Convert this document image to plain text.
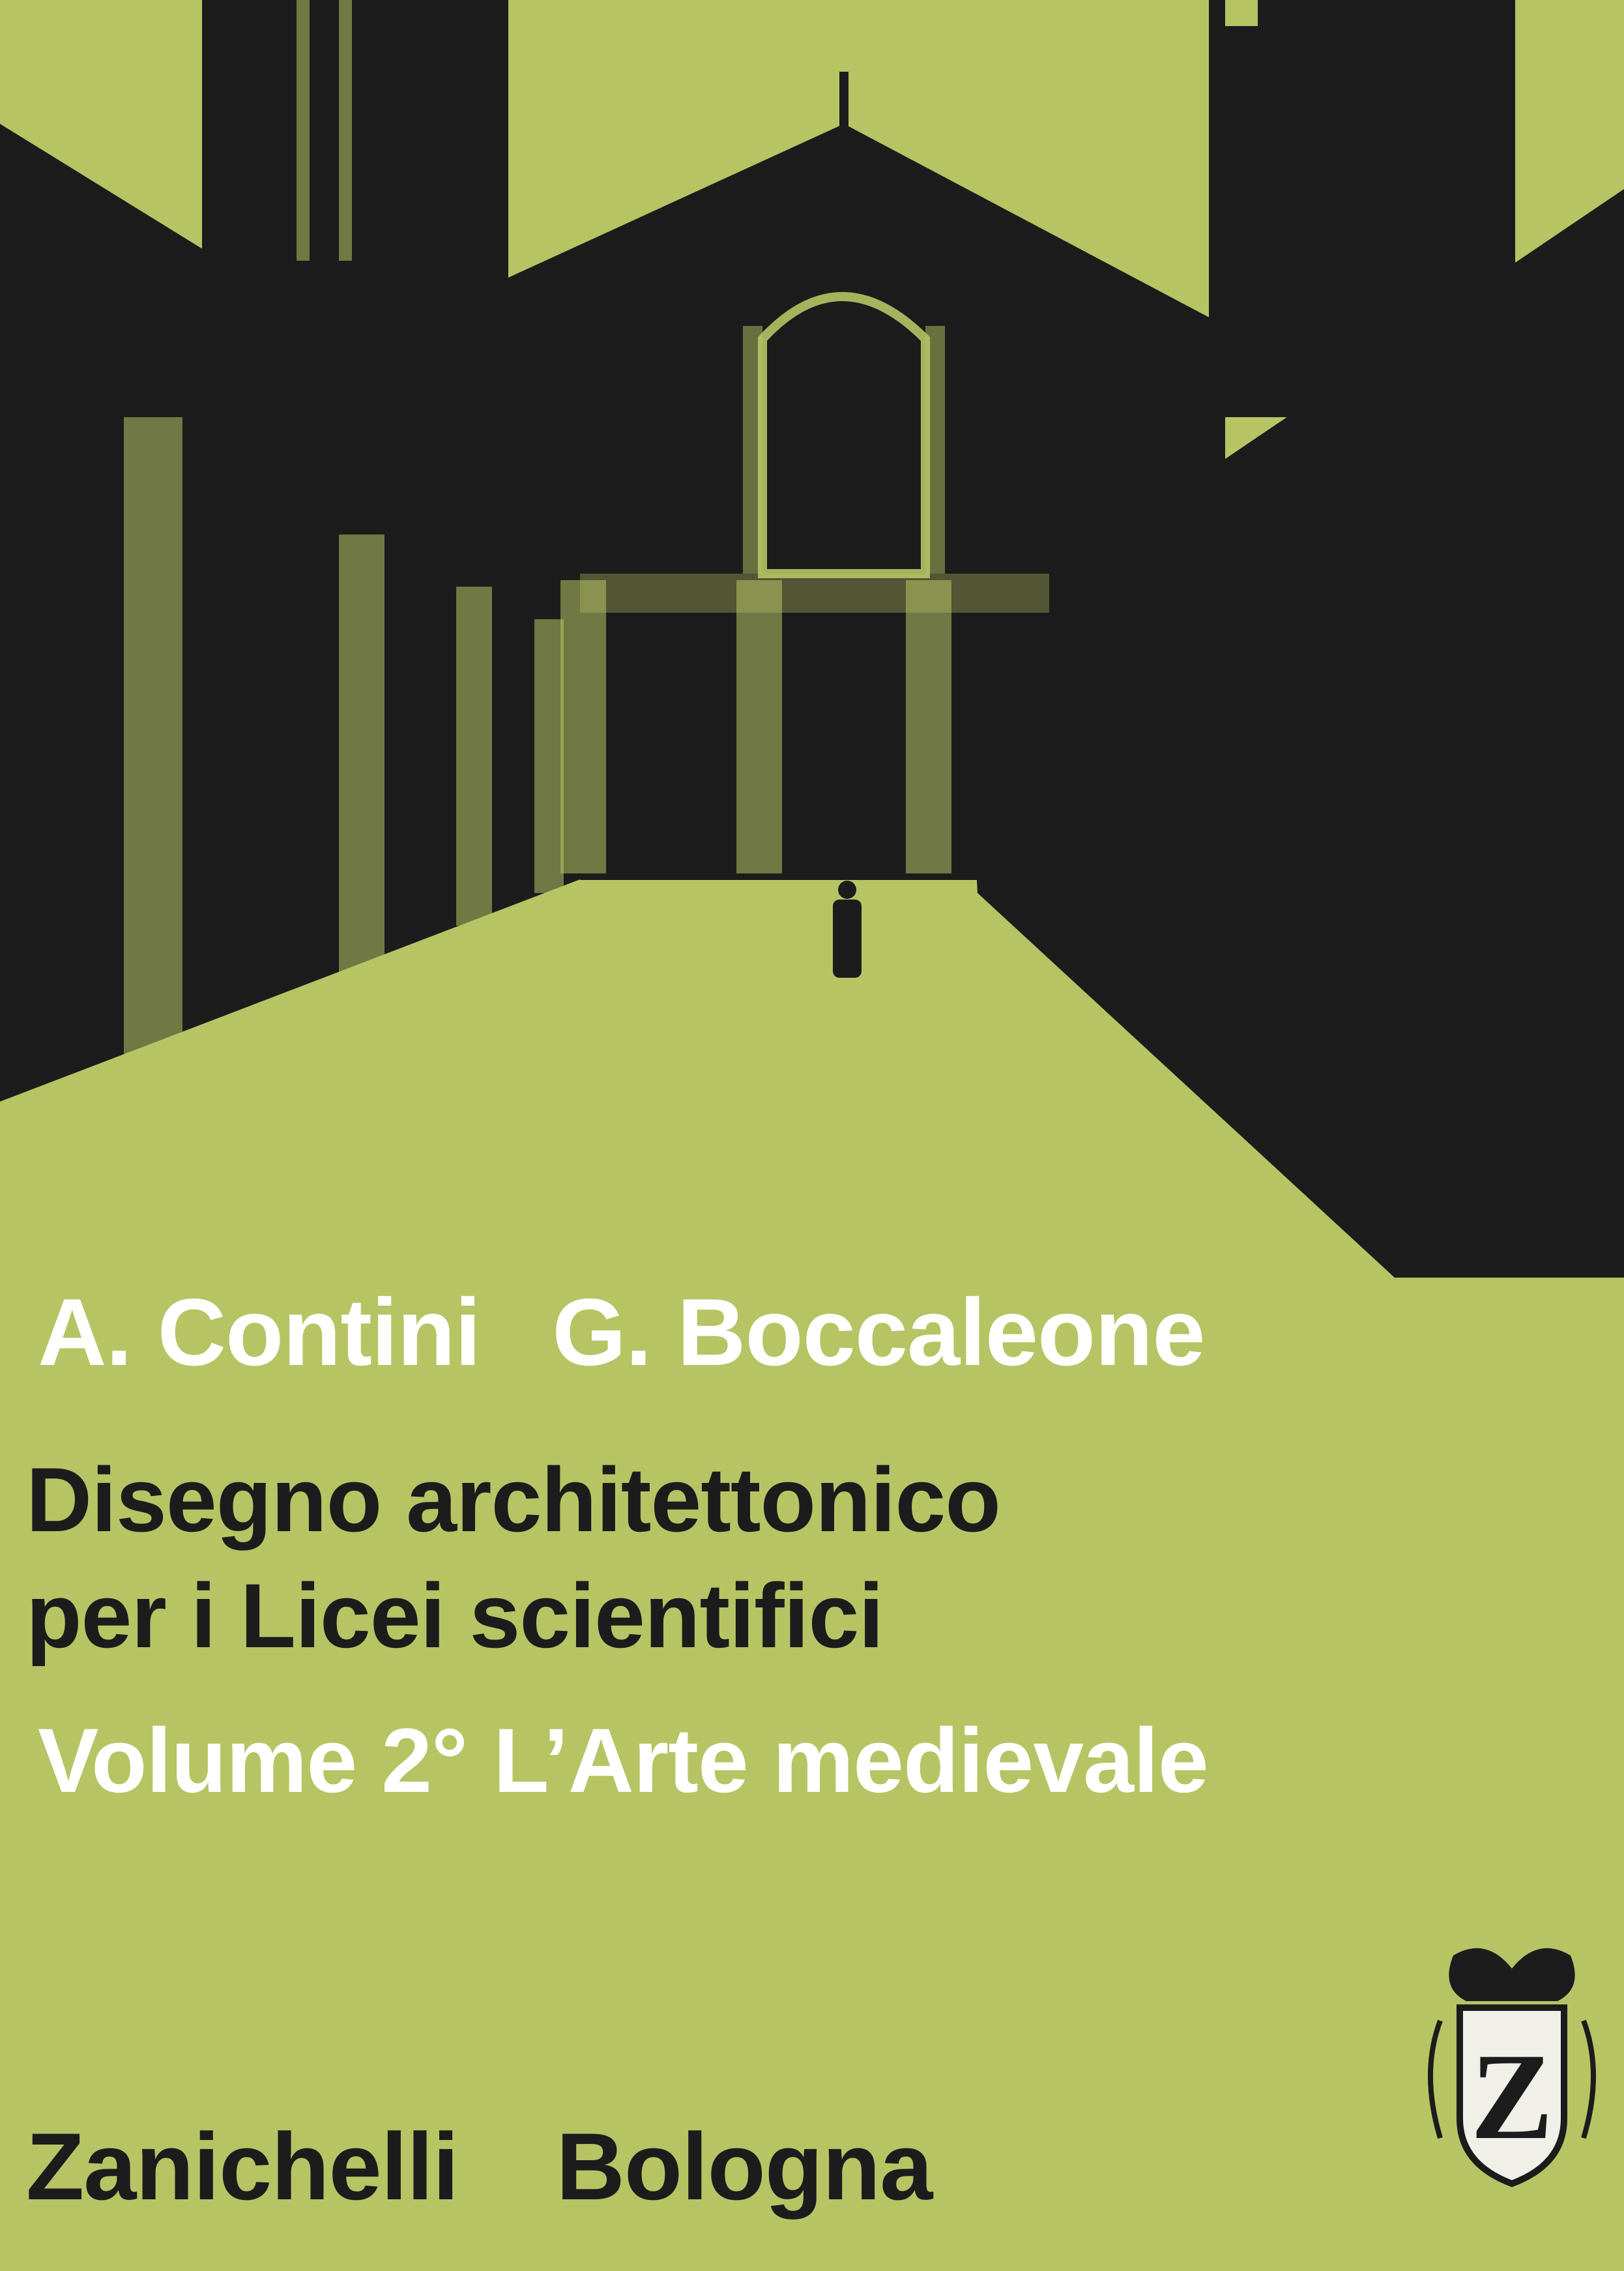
A. Contini G. Boccaleone
Disegno architettonico
per i Licei scientifici
Volume 2° L’Arte medievale
Zanichelli Bologna
Z
